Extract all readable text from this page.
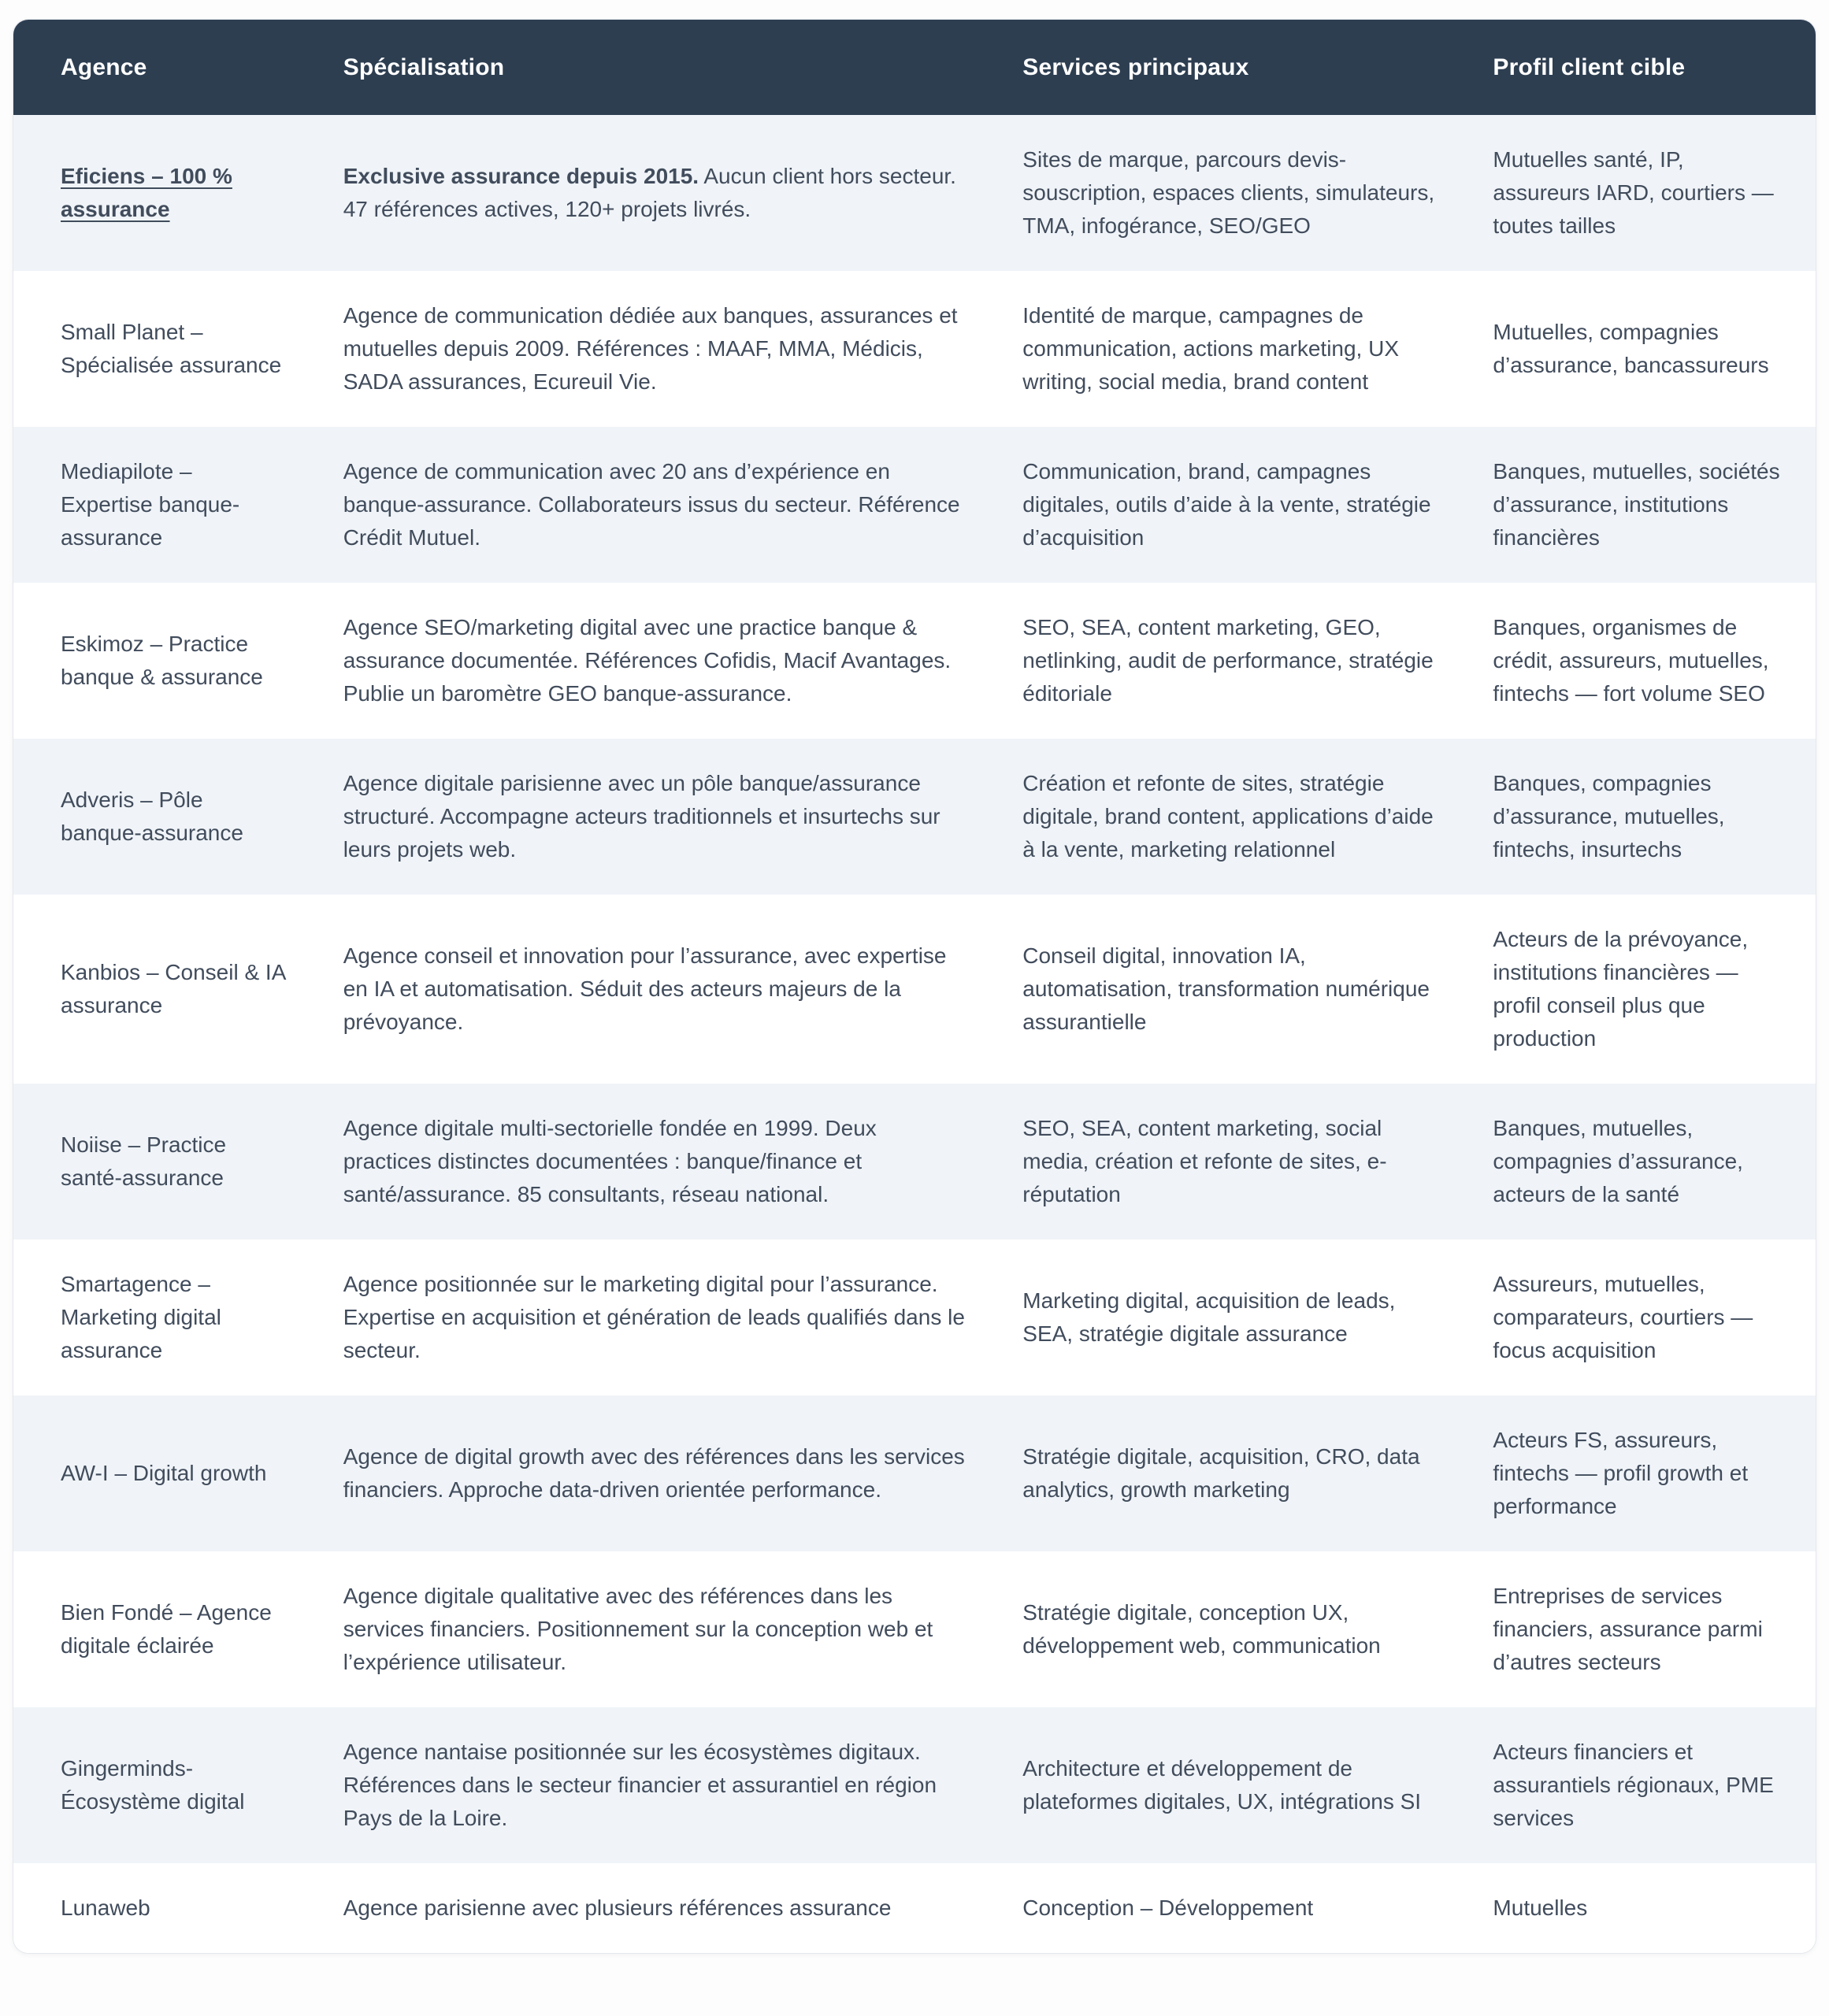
Agence	Spécialisation	Services principaux	Profil client cible
Eficiens – 100 % assurance	Exclusive assurance depuis 2015. Aucun client hors secteur. 47 références actives, 120+ projets livrés.	Sites de marque, parcours devis-souscription, espaces clients, simulateurs, TMA, infogérance, SEO/GEO	Mutuelles santé, IP, assureurs IARD, courtiers — toutes tailles
Small Planet – Spécialisée assurance	Agence de communication dédiée aux banques, assurances et mutuelles depuis 2009. Références : MAAF, MMA, Médicis, SADA assurances, Ecureuil Vie.	Identité de marque, campagnes de communication, actions marketing, UX writing, social media, brand content	Mutuelles, compagnies d’assurance, bancassureurs
Mediapilote – Expertise banque-assurance	Agence de communication avec 20 ans d’expérience en banque-assurance. Collaborateurs issus du secteur. Référence Crédit Mutuel.	Communication, brand, campagnes digitales, outils d’aide à la vente, stratégie d’acquisition	Banques, mutuelles, sociétés d’assurance, institutions financières
Eskimoz – Practice banque & assurance	Agence SEO/marketing digital avec une practice banque & assurance documentée. Références Cofidis, Macif Avantages. Publie un baromètre GEO banque-assurance.	SEO, SEA, content marketing, GEO, netlinking, audit de performance, stratégie éditoriale	Banques, organismes de crédit, assureurs, mutuelles, fintechs — fort volume SEO
Adveris – Pôle banque-assurance	Agence digitale parisienne avec un pôle banque/assurance structuré. Accompagne acteurs traditionnels et insurtechs sur leurs projets web.	Création et refonte de sites, stratégie digitale, brand content, applications d’aide à la vente, marketing relationnel	Banques, compagnies d’assurance, mutuelles, fintechs, insurtechs
Kanbios – Conseil & IA assurance	Agence conseil et innovation pour l’assurance, avec expertise en IA et automatisation. Séduit des acteurs majeurs de la prévoyance.	Conseil digital, innovation IA, automatisation, transformation numérique assurantielle	Acteurs de la prévoyance, institutions financières — profil conseil plus que production
Noiise – Practice santé-assurance	Agence digitale multi-sectorielle fondée en 1999. Deux practices distinctes documentées : banque/finance et santé/assurance. 85 consultants, réseau national.	SEO, SEA, content marketing, social media, création et refonte de sites, e-réputation	Banques, mutuelles, compagnies d’assurance, acteurs de la santé
Smartagence – Marketing digital assurance	Agence positionnée sur le marketing digital pour l’assurance. Expertise en acquisition et génération de leads qualifiés dans le secteur.	Marketing digital, acquisition de leads, SEA, stratégie digitale assurance	Assureurs, mutuelles, comparateurs, courtiers — focus acquisition
AW-I – Digital growth	Agence de digital growth avec des références dans les services financiers. Approche data-driven orientée performance.	Stratégie digitale, acquisition, CRO, data analytics, growth marketing	Acteurs FS, assureurs, fintechs — profil growth et performance
Bien Fondé – Agence digitale éclairée	Agence digitale qualitative avec des références dans les services financiers. Positionnement sur la conception web et l’expérience utilisateur.	Stratégie digitale, conception UX, développement web, communication	Entreprises de services financiers, assurance parmi d’autres secteurs
Gingerminds-Écosystème digital	Agence nantaise positionnée sur les écosystèmes digitaux. Références dans le secteur financier et assurantiel en région Pays de la Loire.	Architecture et développement de plateformes digitales, UX, intégrations SI	Acteurs financiers et assurantiels régionaux, PME services
Lunaweb	Agence parisienne avec plusieurs références assurance	Conception – Développement	Mutuelles
